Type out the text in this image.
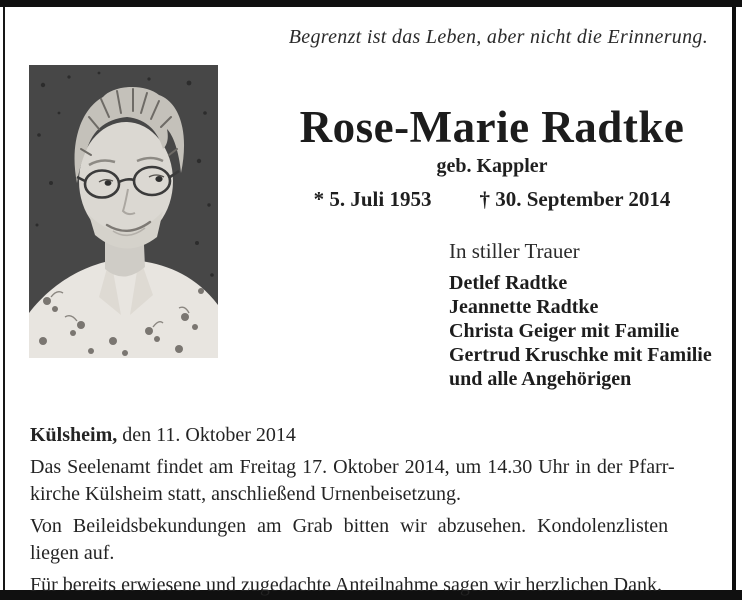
Begrenzt ist das Leben, aber nicht die Erinnerung.
Rose-Marie Radtke
geb. Kappler
* 5. Juli 1953 † 30. September 2014
In stiller Trauer
Detlef Radtke
Jeannette Radtke
Christa Geiger mit Familie
Gertrud Kruschke mit Familie
und alle Angehörigen
Külsheim, den 11. Oktober 2014

Das Seelenamt findet am Freitag 17. Oktober 2014, um 14.30 Uhr in der Pfarr-
kirche Külsheim statt, anschließend Urnenbeisetzung.

Von Beileidsbekundungen am Grab bitten wir abzusehen. Kondolenzlisten
liegen auf.

Für bereits erwiesene und zugedachte Anteilnahme sagen wir herzlichen Dank.
